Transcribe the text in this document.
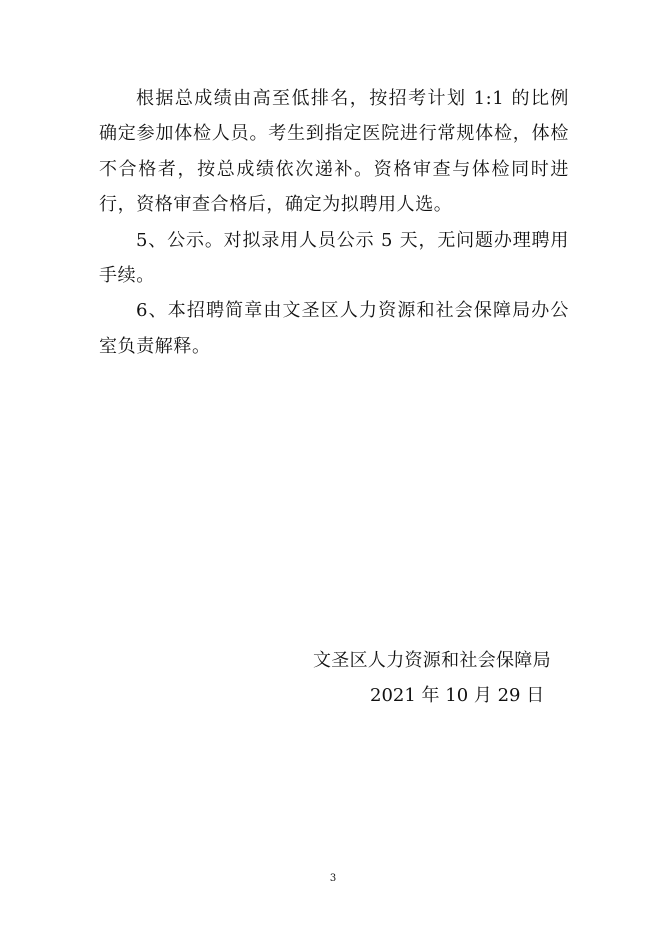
根据总成绩由高至低排名，按招考计划 1:1 的比例确定参加体检人员。考生到指定医院进行常规体检，体检不合格者，按总成绩依次递补。资格审查与体检同时进行，资格审查合格后，确定为拟聘用人选。

5、公示。对拟录用人员公示 5 天，无问题办理聘用手续。

6、本招聘简章由文圣区人力资源和社会保障局办公室负责解释。

文圣区人力资源和社会保障局
2021 年 10 月 29 日
3
